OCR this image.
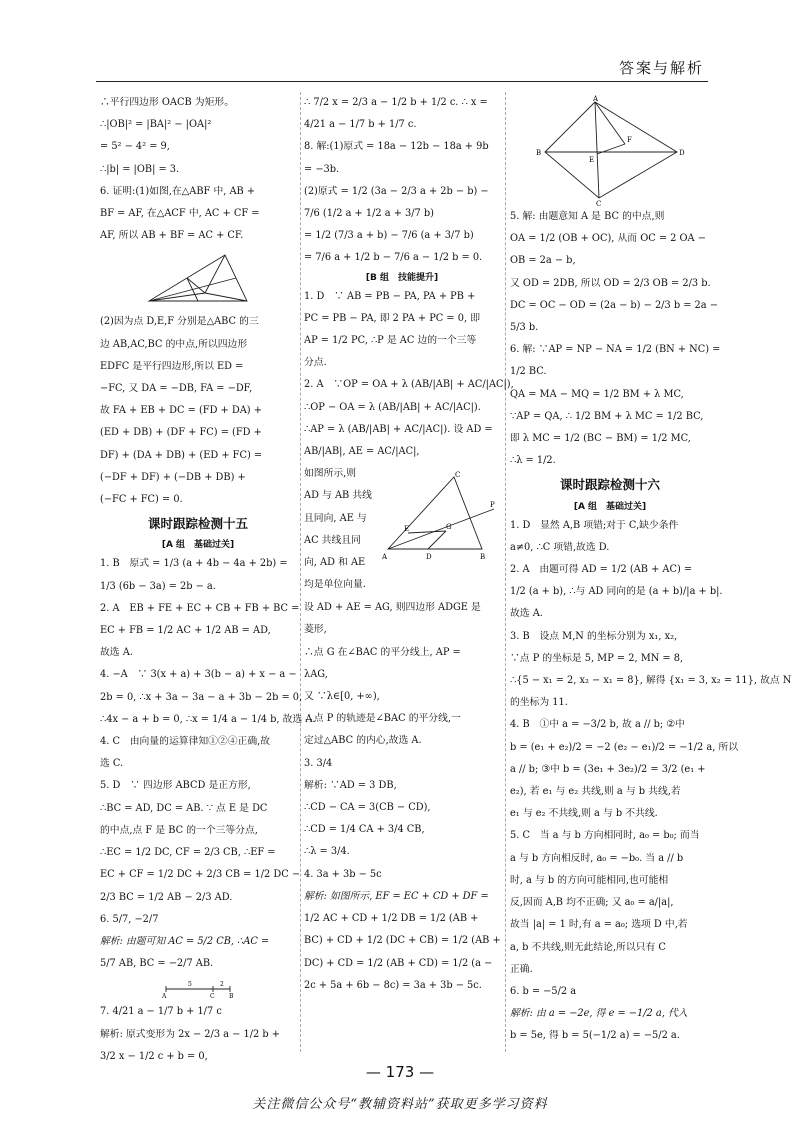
答案与解析
∴平行四边形 OACB 为矩形。
∴|OB|² = |BA|² − |OA|²
= 5² − 4² = 9,
∴|b| = |OB| = 3.
6. 证明:(1)如图,在△ABF 中, AB +
BF = AF, 在△ACF 中, AC + CF =
AF, 所以 AB + BF = AC + CF.
(2)因为点 D,E,F 分别是△ABC 的三
边 AB,AC,BC 的中点,所以四边形
EDFC 是平行四边形,所以 ED =
−FC, 又 DA = −DB, FA = −DF,
故 FA + EB + DC = (FD + DA) +
(ED + DB) + (DF + FC) = (FD +
DF) + (DA + DB) + (ED + FC) =
(−DF + DF) + (−DB + DB) +
(−FC + FC) = 0.
课时跟踪检测十五
[A 组　基础过关]
1. B　原式 = 1/3 (a + 4b − 4a + 2b) =
1/3 (6b − 3a) = 2b − a.
2. A　EB + FE + EC + CB + FB + BC =
EC + FB = 1/2 AC + 1/2 AB = AD,
故选 A.
4. −A　∵ 3(x + a) + 3(b − a) + x − a −
2b = 0, ∴x + 3a − 3a − a + 3b − 2b = 0,
∴4x − a + b = 0, ∴x = 1/4 a − 1/4 b, 故选 A.
4. C　由向量的运算律知①②④正确,故
选 C.
5. D　∵ 四边形 ABCD 是正方形,
∴BC = AD, DC = AB. ∵ 点 E 是 DC
的中点,点 F 是 BC 的一个三等分点,
∴EC = 1/2 DC, CF = 2/3 CB, ∴EF =
EC + CF = 1/2 DC + 2/3 CB = 1/2 DC −
2/3 BC = 1/2 AB − 2/3 AD.
6. 5/7, −2/7
解析: 由题可知 AC = 5/2 CB, ∴AC =
5/7 AB, BC = −2/7 AB.
A
5
C
2
B
7. 4/21 a − 1/7 b + 1/7 c
解析: 原式变形为 2x − 2/3 a − 1/2 b +
3/2 x − 1/2 c + b = 0,
∴ 7/2 x = 2/3 a − 1/2 b + 1/2 c. ∴ x =
4/21 a − 1/7 b + 1/7 c.
8. 解:(1)原式 = 18a − 12b − 18a + 9b
= −3b.
(2)原式 = 1/2 (3a − 2/3 a + 2b − b) −
7/6 (1/2 a + 1/2 a + 3/7 b)
= 1/2 (7/3 a + b) − 7/6 (a + 3/7 b)
= 7/6 a + 1/2 b − 7/6 a − 1/2 b = 0.
[B 组　技能提升]
1. D　∵ AB = PB − PA, PA + PB +
PC = PB − PA, 即 2 PA + PC = 0, 即
AP = 1/2 PC, ∴P 是 AC 边的一个三等
分点.
2. A　∵OP = OA + λ (AB/|AB| + AC/|AC|),
∴OP − OA = λ (AB/|AB| + AC/|AC|).
∴AP = λ (AB/|AB| + AC/|AC|). 设 AD =
AB/|AB|, AE = AC/|AC|,
如图所示,则
AD 与 AB 共线
且同向, AE 与
AC 共线且同
向, AD 和 AE
均是单位向量.
C
P
E	G
A	D	B
设 AD + AE = AG, 则四边形 ADGE 是
菱形,
∴点 G 在∠BAC 的平分线上, AP =
λAG,
又 ∵λ∈[0, +∞),
∴点 P 的轨迹是∠BAC 的平分线,一
定过△ABC 的内心,故选 A.
3. 3/4
解析: ∵AD = 3 DB,
∴CD − CA = 3(CB − CD),
∴CD = 1/4 CA + 3/4 CB,
∴λ = 3/4.
4. 3a + 3b − 5c
解析: 如图所示, EF = EC + CD + DF =
1/2 AC + CD + 1/2 DB = 1/2 (AB +
BC) + CD + 1/2 (DC + CB) = 1/2 (AB +
DC) + CD = 1/2 (AB + CD) = 1/2 (a −
2c + 5a + 6b − 8c) = 3a + 3b − 5c.
A
B
F
E
D
C
5. 解: 由题意知 A 是 BC 的中点,则
OA = 1/2 (OB + OC), 从而 OC = 2 OA −
OB = 2a − b,
又 OD = 2DB, 所以 OD = 2/3 OB = 2/3 b.
DC = OC − OD = (2a − b) − 2/3 b = 2a −
5/3 b.
6. 解: ∵AP = NP − NA = 1/2 (BN + NC) =
1/2 BC.
QA = MA − MQ = 1/2 BM + λ MC,
∵AP = QA, ∴ 1/2 BM + λ MC = 1/2 BC,
即 λ MC = 1/2 (BC − BM) = 1/2 MC,
∴λ = 1/2.
课时跟踪检测十六
[A 组　基础过关]
1. D　显然 A,B 项错;对于 C,缺少条件
a≠0, ∴C 项错,故选 D.
2. A　由题可得 AD = 1/2 (AB + AC) =
1/2 (a + b), ∴与 AD 同向的是 (a + b)/|a + b|.
故选 A.
3. B　设点 M,N 的坐标分别为 x₁, x₂,
∵点 P 的坐标是 5, MP = 2, MN = 8,
∴{5 − x₁ = 2, x₂ − x₁ = 8}, 解得 {x₁ = 3, x₂ = 11}, 故点 N
的坐标为 11.
4. B　①中 a = −3/2 b, 故 a // b; ②中
b = (e₁ + e₂)/2 = −2 (e₂ − e₁)/2 = −1/2 a, 所以
a // b; ③中 b = (3e₁ + 3e₂)/2 = 3/2 (e₁ +
e₂), 若 e₁ 与 e₂ 共线,则 a 与 b 共线,若
e₁ 与 e₂ 不共线,则 a 与 b 不共线.
5. C　当 a 与 b 方向相同时, a₀ = b₀; 而当
a 与 b 方向相反时, a₀ = −b₀. 当 a // b
时, a 与 b 的方向可能相同,也可能相
反,因而 A,B 均不正确; 又 a₀ = a/|a|,
故当 |a| = 1 时,有 a = a₀; 选项 D 中,若
a, b 不共线,则无此结论,所以只有 C
正确.
6. b = −5/2 a
解析: 由 a = −2e, 得 e = −1/2 a, 代入
b = 5e, 得 b = 5(−1/2 a) = −5/2 a.
— 173 —
关注微信公众号“教辅资料站”获取更多学习资料
